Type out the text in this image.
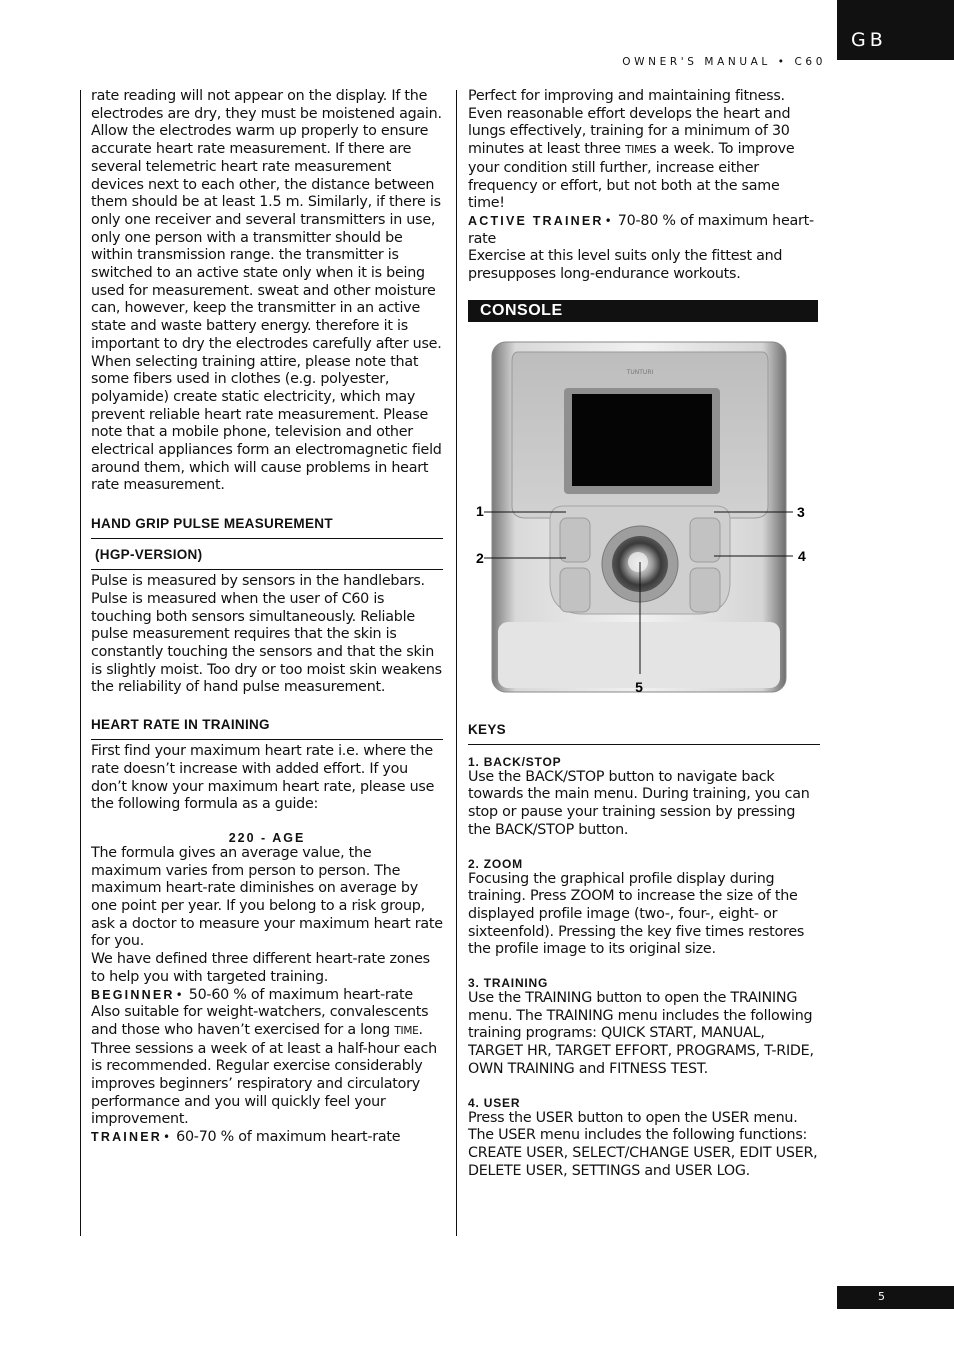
GB
OWNER'S MANUAL • C60
5

rate reading will not appear on the display. If the electrodes are dry, they must be moistened again. Allow the electrodes warm up properly to ensure accurate heart rate measurement. If there are several telemetric heart rate measurement devices next to each other, the distance between them should be at least 1.5 m. Similarly, if there is only one receiver and several transmitters in use, only one person with a transmitter should be within transmission range. the transmitter is switched to an active state only when it is being used for measurement. sweat and other moisture can, however, keep the transmitter in an active state and waste battery energy. therefore it is important to dry the electrodes carefully after use.

When selecting training attire, please note that some fibers used in clothes (e.g. polyester, polyamide) create static electricity, which may prevent reliable heart rate measurement. Please note that a mobile phone, television and other electrical appliances form an electromagnetic field around them, which will cause problems in heart rate measurement.

HAND GRIP PULSE MEASUREMENT
(HGP-VERSION)

Pulse is measured by sensors in the handlebars. Pulse is measured when the user of C60 is touching both sensors simultaneously. Reliable pulse measurement requires that the skin is constantly touching the sensors and that the skin is slightly moist. Too dry or too moist skin weakens the reliability of hand pulse measurement.

HEART RATE IN TRAINING

First find your maximum heart rate i.e. where the rate doesn’t increase with added effort. If you don’t know your maximum heart rate, please use the following formula as a guide:

220 - AGE

The formula gives an average value, the maximum varies from person to person. The maximum heart-rate diminishes on average by one point per year. If you belong to a risk group, ask a doctor to measure your maximum heart rate for you.

We have defined three different heart-rate zones to help you with targeted training.

BEGINNER• 50-60 % of maximum heart-rate

Also suitable for weight-watchers, convalescents and those who haven’t exercised for a long TIME. Three sessions a week of at least a half-hour each is recommended. Regular exercise considerably improves beginners’ respiratory and circulatory performance and you will quickly feel your improvement.

TRAINER• 60-70 % of maximum heart-rate

Perfect for improving and maintaining fitness. Even reasonable effort develops the heart and lungs effectively, training for a minimum of 30 minutes at least three TIMEs a week. To improve your condition still further, increase either frequency or effort, but not both at the same time!

ACTIVE TRAINER• 70-80 % of maximum heart-rate

Exercise at this level suits only the fittest and presupposes long-endurance workouts.

CONSOLE
TUNTURI
1
2
3
4
5
KEYS
1. BACK/STOP

Use the BACK/STOP button to navigate back towards the main menu. During training, you can stop or pause your training session by pressing the BACK/STOP button.

2. ZOOM

Focusing the graphical profile display during training. Press ZOOM to increase the size of the displayed profile image (two-, four-, eight- or sixteenfold). Pressing the key five times restores the profile image to its original size.

3. TRAINING

Use the TRAINING button to open the TRAINING menu. The TRAINING menu includes the following training programs: QUICK START, MANUAL, TARGET HR, TARGET EFFORT, PROGRAMS, T-RIDE, OWN TRAINING and FITNESS TEST.

4. USER

Press the USER button to open the USER menu. The USER menu includes the following functions: CREATE USER, SELECT/CHANGE USER, EDIT USER, DELETE USER, SETTINGS and USER LOG.
